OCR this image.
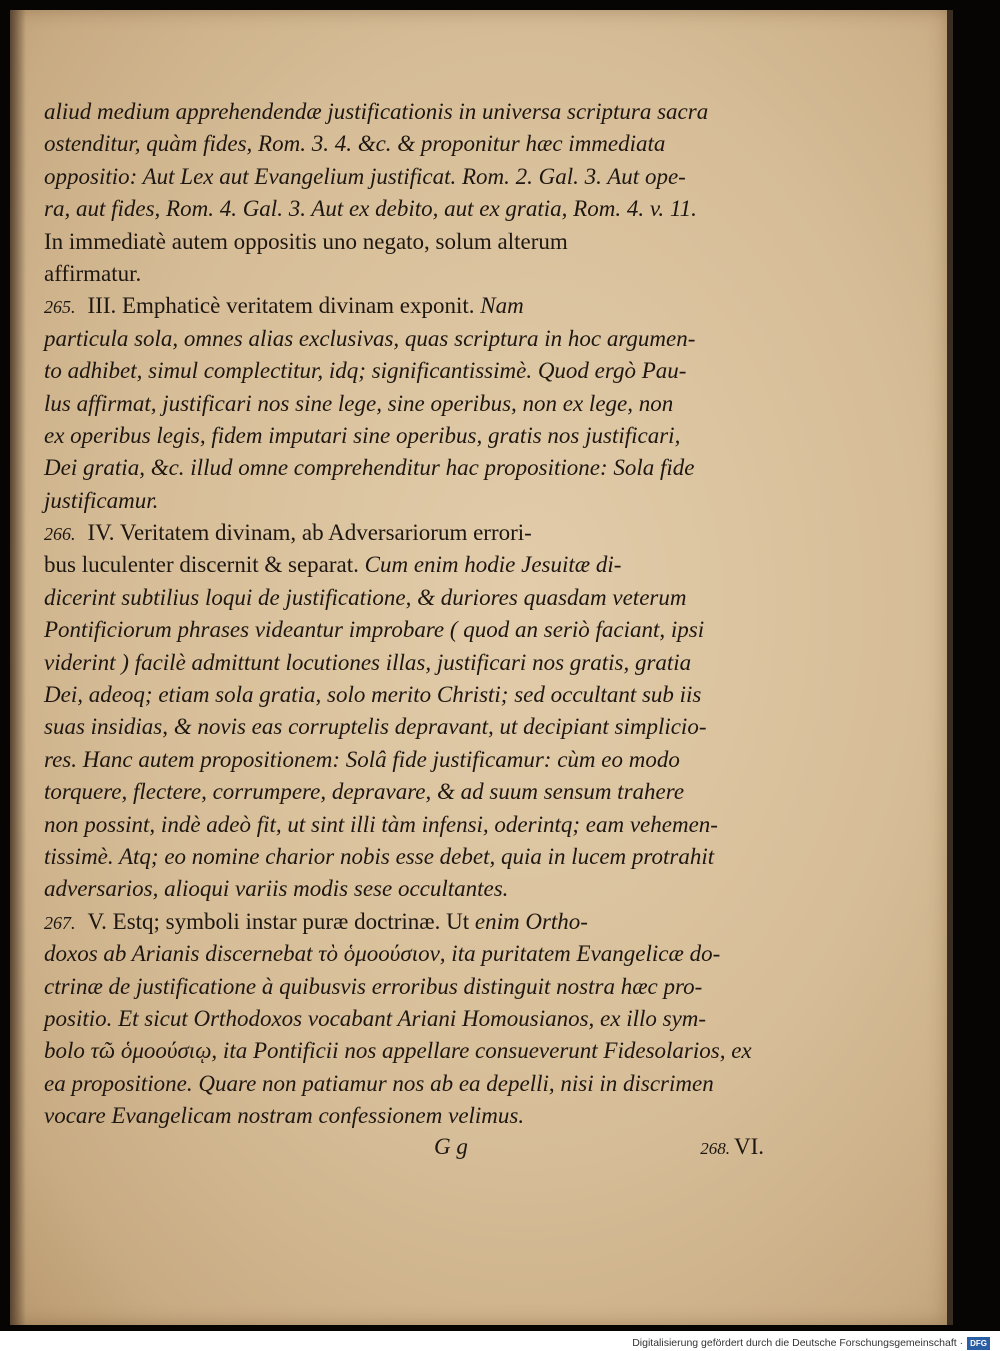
aliud medium apprehendendæ justificationis in universa scriptura sacra
ostenditur, quàm fides, Rom. 3. 4. &c. & proponitur hæc immediata
oppositio: Aut Lex aut Evangelium justificat. Rom. 2. Gal. 3. Aut ope-
ra, aut fides, Rom. 4. Gal. 3. Aut ex debito, aut ex gratia, Rom. 4. v. 11.
In immediatè autem oppositis uno negato, solum alterum
affirmatur.
265. III. Emphaticè veritatem divinam exponit. Nam
particula sola, omnes alias exclusivas, quas scriptura in hoc argumen-
to adhibet, simul complectitur, idq; significantissimè. Quod ergò Pau-
lus affirmat, justificari nos sine lege, sine operibus, non ex lege, non
ex operibus legis, fidem imputari sine operibus, gratis nos justificari,
Dei gratia, &c. illud omne comprehenditur hac propositione: Sola fide
justificamur.
266. IV. Veritatem divinam, ab Adversariorum errori-
bus luculenter discernit & separat. Cum enim hodie Jesuitæ di-
dicerint subtilius loqui de justificatione, & duriores quasdam veterum
Pontificiorum phrases videantur improbare ( quod an seriò faciant, ipsi
viderint ) facilè admittunt locutiones illas, justificari nos gratis, gratia
Dei, adeoq; etiam sola gratia, solo merito Christi; sed occultant sub iis
suas insidias, & novis eas corruptelis depravant, ut decipiant simplicio-
res. Hanc autem propositionem: Solâ fide justificamur: cùm eo modo
torquere, flectere, corrumpere, depravare, & ad suum sensum trahere
non possint, indè adeò fit, ut sint illi tàm infensi, oderintq; eam vehemen-
tissimè. Atq; eo nomine charior nobis esse debet, quia in lucem protrahit
adversarios, alioqui variis modis sese occultantes.
267. V. Estq; symboli instar puræ doctrinæ. Ut enim Ortho-
doxos ab Arianis discernebat τὸ ὁμοούσιον, ita puritatem Evangelicæ do-
ctrinæ de justificatione à quibusvis erroribus distinguit nostra hæc pro-
positio. Et sicut Orthodoxos vocabant Ariani Homousianos, ex illo sym-
bolo τῶ ὁμοούσιῳ, ita Pontificii nos appellare consueverunt Fidesolarios, ex
ea propositione. Quare non patiamur nos ab ea depelli, nisi in discrimen
vocare Evangelicam nostram confessionem velimus.
G g	268. VI.
Digitalisierung gefördert durch die Deutsche Forschungsgemeinschaft · DFG
